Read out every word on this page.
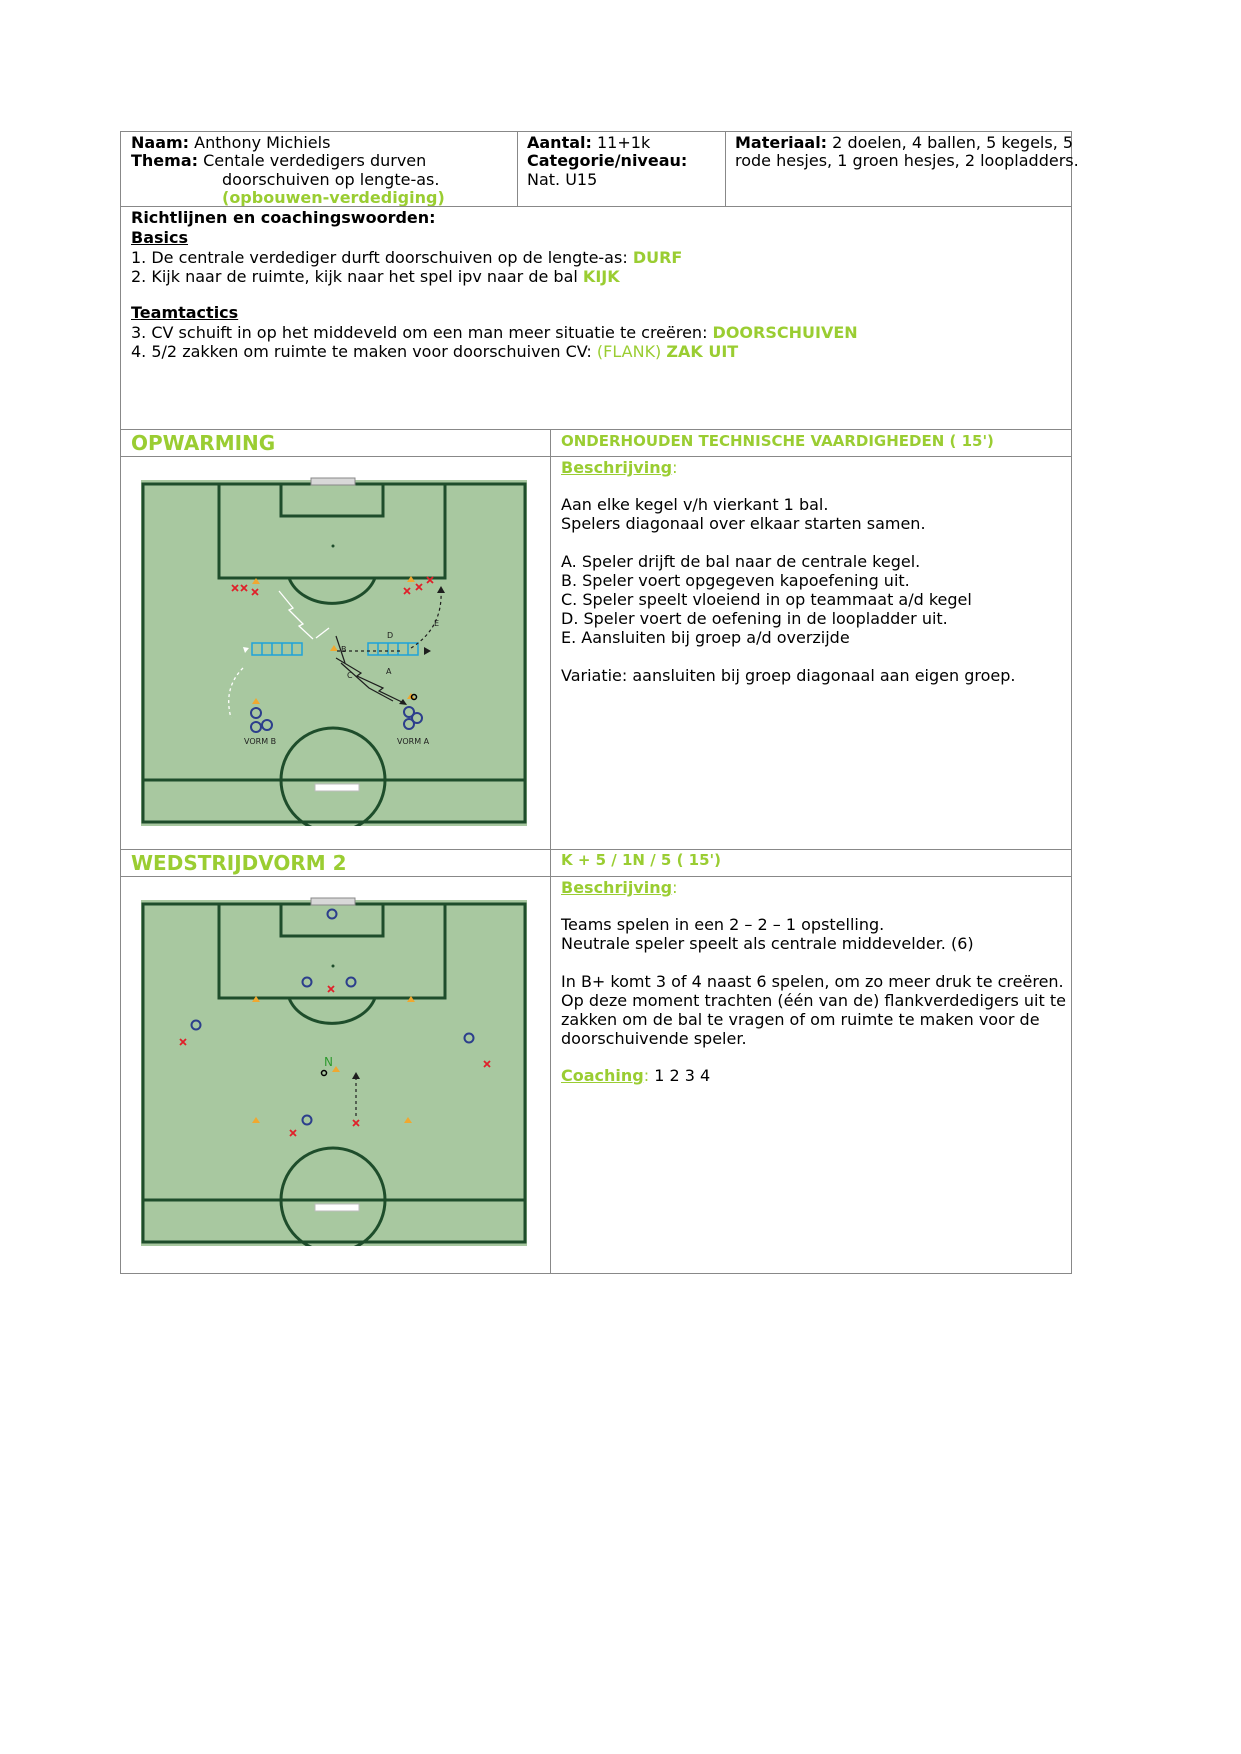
Naam: Anthony Michiels
Thema: Centale verdedigers durven
doorschuiven op lengte-as.
(opbouwen-verdediging)
Aantal: 11+1k
Categorie/niveau:
Nat. U15
Materiaal: 2 doelen, 4 ballen, 5 kegels, 5
rode hesjes, 1 groen hesjes, 2 loopladders.
Richtlijnen en coachingswoorden:
Basics
1. De centrale verdediger durft doorschuiven op de lengte-as: DURF
2. Kijk naar de ruimte, kijk naar het spel ipv naar de bal KIJK
Teamtactics
3. CV schuift in op het middeveld om een man meer situatie te creëren: DOORSCHUIVEN
4. 5/2 zakken om ruimte te maken voor doorschuiven CV: (FLANK) ZAK UIT
OPWARMING	ONDERHOUDEN TECHNISCHE VAARDIGHEDEN ( 15')

Beschrijving:

Aan elke kegel v/h vierkant 1 bal.

Spelers diagonaal over elkaar starten samen.

A. Speler drijft de bal naar de centrale kegel.

B. Speler voert opgegeven kapoefening uit.

C. Speler speelt vloeiend in op teammaat a/d kegel

D. Speler voert de oefening in de loopladder uit.

E. Aansluiten bij groep a/d overzijde

Variatie: aansluiten bij groep diagonaal aan eigen groep.

B
D
E
A
C
VORM B	VORM A
WEDSTRIJDVORM 2	K + 5 / 1N / 5 ( 15')

Beschrijving:

Teams spelen in een 2 – 2 – 1 opstelling.

Neutrale speler speelt als centrale middevelder. (6)

In B+ komt 3 of 4 naast 6 spelen, om zo meer druk te creëren.

Op deze moment trachten (één van de) flankverdedigers uit te

zakken om de bal te vragen of om ruimte te maken voor de

doorschuivende speler.

Coaching: 1 2 3 4

N
